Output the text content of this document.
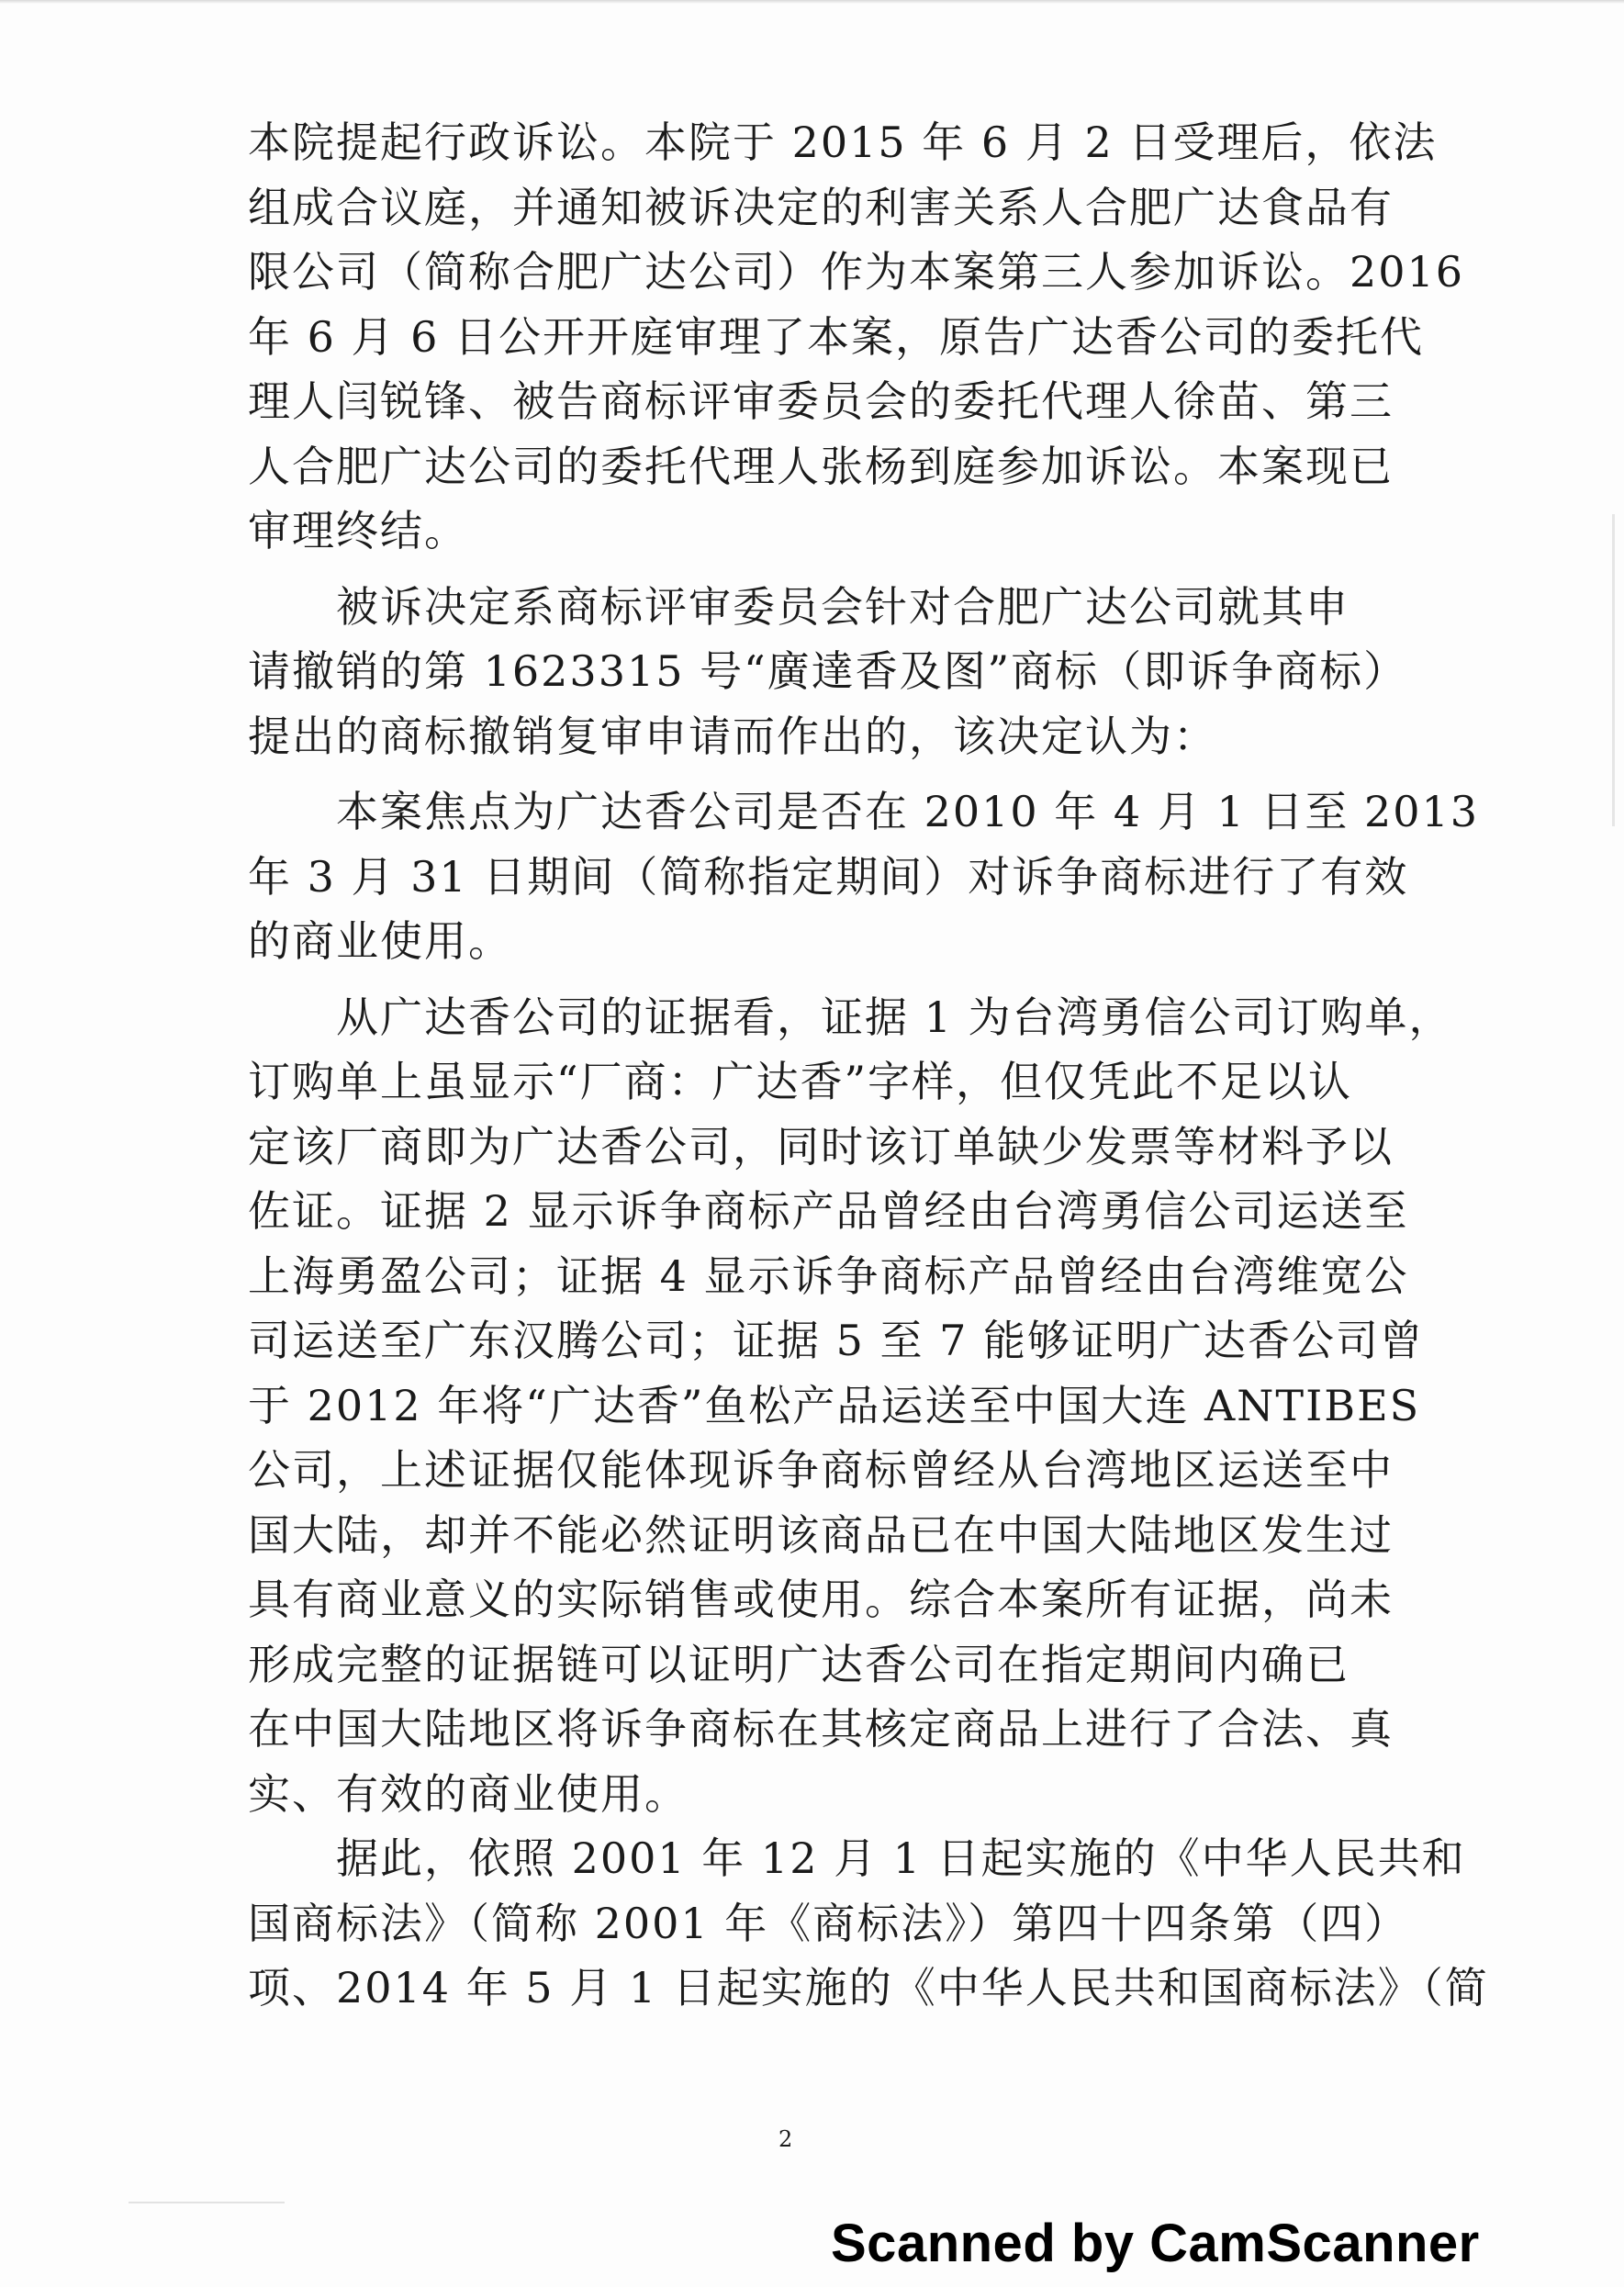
本院提起行政诉讼。本院于 2015 年 6 月 2 日受理后，依法
组成合议庭，并通知被诉决定的利害关系人合肥广达食品有
限公司（简称合肥广达公司）作为本案第三人参加诉讼。2016
年 6 月 6 日公开开庭审理了本案，原告广达香公司的委托代
理人闫锐锋、被告商标评审委员会的委托代理人徐苗、第三
人合肥广达公司的委托代理人张杨到庭参加诉讼。本案现已
审理终结。
　　被诉决定系商标评审委员会针对合肥广达公司就其申
请撤销的第 1623315 号“廣達香及图”商标（即诉争商标）
提出的商标撤销复审申请而作出的，该决定认为：
　　本案焦点为广达香公司是否在 2010 年 4 月 1 日至 2013
年 3 月 31 日期间（简称指定期间）对诉争商标进行了有效
的商业使用。
　　从广达香公司的证据看，证据 1 为台湾勇信公司订购单，
订购单上虽显示“厂商：广达香”字样，但仅凭此不足以认
定该厂商即为广达香公司，同时该订单缺少发票等材料予以
佐证。证据 2 显示诉争商标产品曾经由台湾勇信公司运送至
上海勇盈公司；证据 4 显示诉争商标产品曾经由台湾维宽公
司运送至广东汉腾公司；证据 5 至 7 能够证明广达香公司曾
于 2012 年将“广达香”鱼松产品运送至中国大连 ANTIBES
公司，上述证据仅能体现诉争商标曾经从台湾地区运送至中
国大陆，却并不能必然证明该商品已在中国大陆地区发生过
具有商业意义的实际销售或使用。综合本案所有证据，尚未
形成完整的证据链可以证明广达香公司在指定期间内确已
在中国大陆地区将诉争商标在其核定商品上进行了合法、真
实、有效的商业使用。
　　据此，依照 2001 年 12 月 1 日起实施的《中华人民共和
国商标法》（简称 2001 年《商标法》）第四十四条第（四）
项、2014 年 5 月 1 日起实施的《中华人民共和国商标法》（简
2
Scanned by CamScanner
